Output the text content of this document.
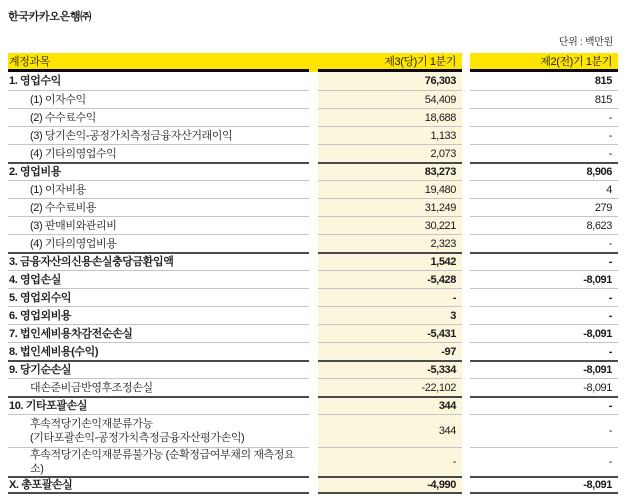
한국카카오은행㈜
단위 : 백만원
계정과목	제3(당)기 1분기	제2(전)기 1분기
1. 영업수익	76,303	815
(1) 이자수익	54,409	815
(2) 수수료수익	18,688	-
(3) 당기손익-공정가치측정금융자산거래이익	1,133	-
(4) 기타의영업수익	2,073	-
2. 영업비용	83,273	8,906
(1) 이자비용	19,480	4
(2) 수수료비용	31,249	279
(3) 판매비와관리비	30,221	8,623
(4) 기타의영업비용	2,323	-
3. 금융자산의신용손실충당금환입액	1,542	-
4. 영업손실	-5,428	-8,091
5. 영업외수익	-	-
6. 영업외비용	3	-
7. 법인세비용차감전순손실	-5,431	-8,091
8. 법인세비용(수익)	-97	-
9. 당기순손실	-5,334	-8,091
대손준비금반영후조정손실	-22,102	-8,091
10. 기타포괄손실	344	-
후속적당기손익재분류가능
(기타포괄손익-공정가치측정금융자산평가손익)
344	-
후속적당기손익재분류불가능 (순확정급여부채의 재측정요소)
-	-
X. 총포괄손실	-4,990	-8,091
